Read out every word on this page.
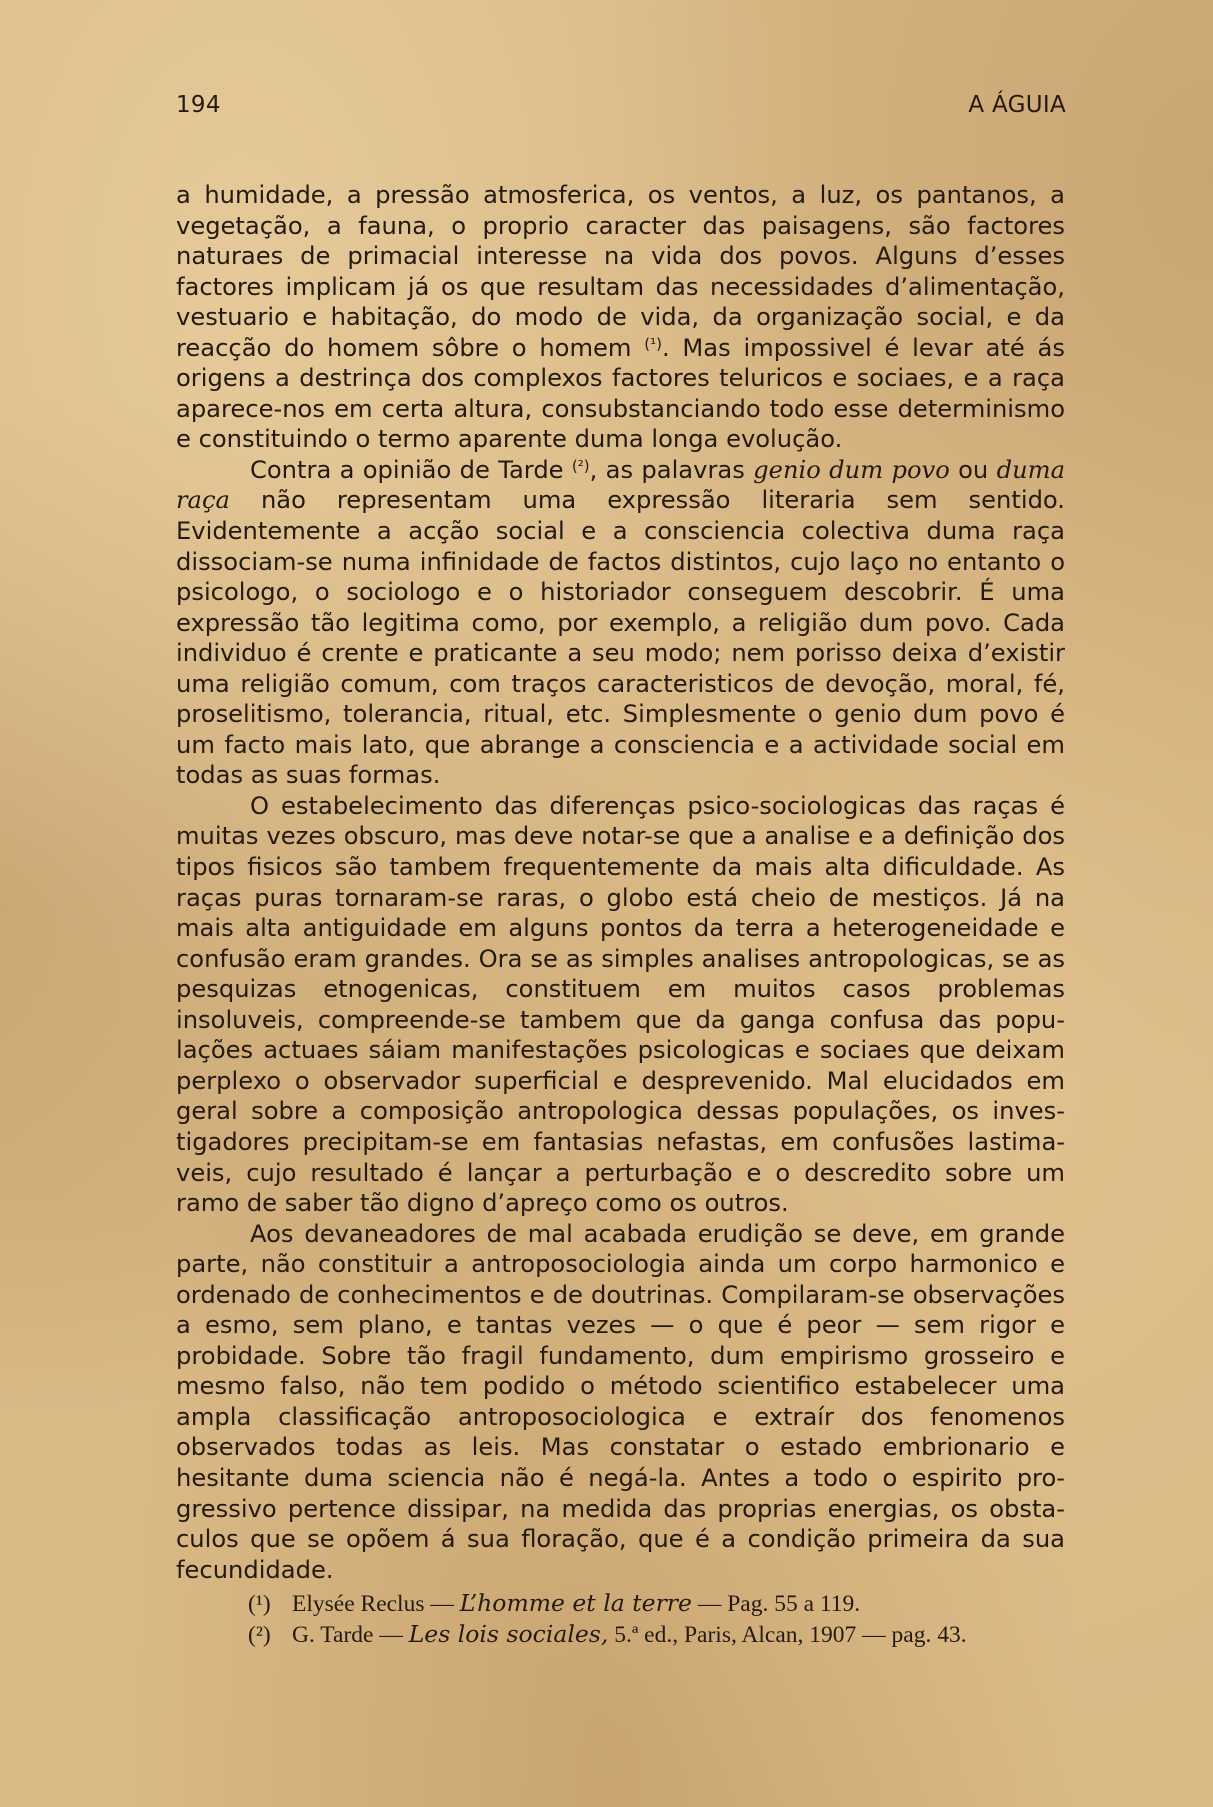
194	A ÁGUIA

a humidade, a pressão atmosferica, os ventos, a luz, os pantanos, a vegetação, a fauna, o proprio caracter das paisagens, são factores naturaes de primacial interesse na vida dos povos. Alguns d’esses factores implicam já os que resultam das necessidades d’alimentação, vestuario e habitação, do modo de vida, da organização social, e da reacção do homem sôbre o homem $^{(^1)}$. Mas impossivel é levar até ás origens a destrinça dos complexos factores teluricos e sociaes, e a raça aparece-nos em certa altura, consubstanciando todo esse determinismo e constituindo o termo aparente duma longa evolução.

Contra a opinião de Tarde $^{(^2)}$, as palavras genio dum povo ou duma raça não representam uma expressão literaria sem sentido. Evidentemente a acção social e a consciencia colectiva duma raça dissociam-se numa infinidade de factos distintos, cujo laço no entanto o psicologo, o sociologo e o historiador conseguem descobrir. É uma expressão tão legitima como, por exemplo, a religião dum povo. Cada individuo é crente e praticante a seu modo; nem porisso deixa d’existir uma religião comum, com traços caracteristicos de devoção, moral, fé, proselitismo, tolerancia, ritual, etc. Simplesmente o genio dum povo é um facto mais lato, que abrange a consciencia e a actividade social em todas as suas formas.

O estabelecimento das diferenças psico-sociologicas das raças é muitas vezes obscuro, mas deve notar-se que a analise e a definição dos tipos fisicos são tambem frequentemente da mais alta dificuldade. As raças puras tornaram-se raras, o globo está cheio de mestiços. Já na mais alta antiguidade em alguns pontos da terra a heterogeneidade e confusão eram grandes. Ora se as simples analises antropologicas, se as pesquizas etnogenicas, constituem em muitos casos problemas insoluveis, compreende-se tambem que da ganga confusa das populações actuaes sáiam manifestações psicologicas e sociaes que deixam perplexo o observador superficial e desprevenido. Mal elucidados em geral sobre a composição antropologica dessas populações, os investigadores precipitam-se em fantasias nefastas, em confusões lastimaveis, cujo resultado é lançar a perturbação e o descredito sobre um ramo de saber tão digno d’apreço como os outros.

Aos devaneadores de mal acabada erudição se deve, em grande parte, não constituir a antroposociologia ainda um corpo harmonico e ordenado de conhecimentos e de doutrinas. Compilaram-se observações a esmo, sem plano, e tantas vezes — o que é peor — sem rigor e probidade. Sobre tão fragil fundamento, dum empirismo grosseiro e mesmo falso, não tem podido o método scientifico estabelecer uma ampla classificação antroposociologica e extraír dos fenomenos observados todas as leis. Mas constatar o estado embrionario e hesitante duma sciencia não é negá-la. Antes a todo o espirito progressivo pertence dissipar, na medida das proprias energias, os obstaculos que se opõem á sua floração, que é a condição primeira da sua fecundidade.

(¹) Elysée Reclus — L’homme et la terre — Pag. 55 a 119.
(²) G. Tarde — Les lois sociales, 5.ª ed., Paris, Alcan, 1907 — pag. 43.
